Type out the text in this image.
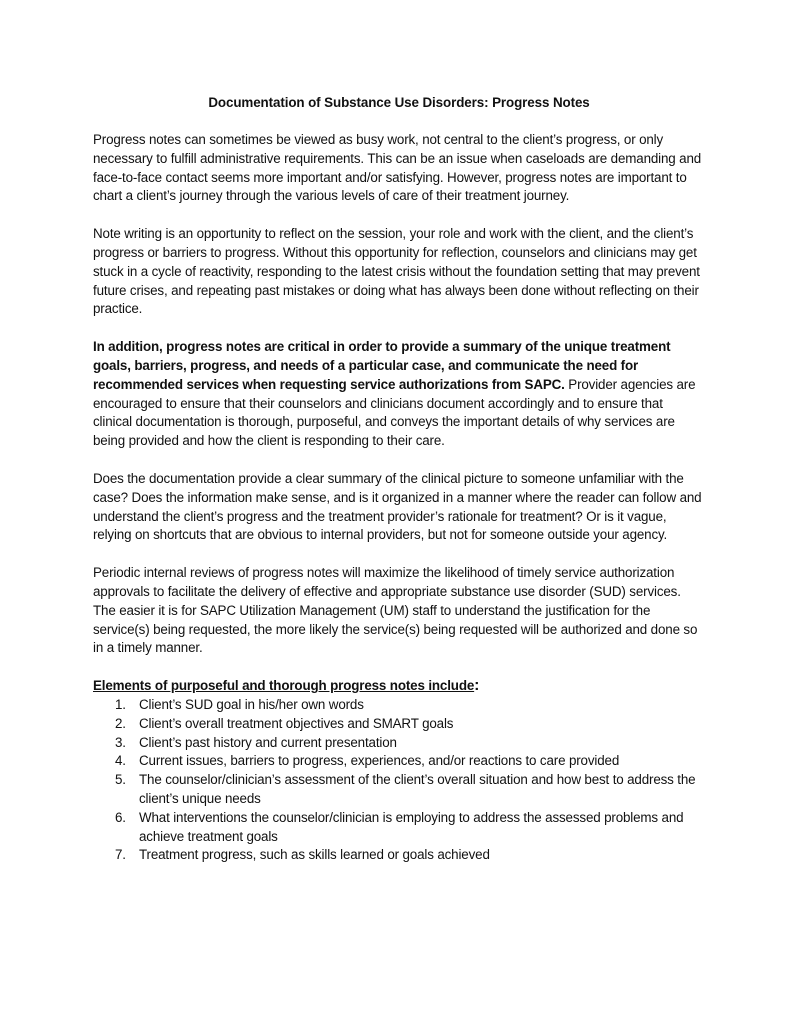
Documentation of Substance Use Disorders: Progress Notes

Progress notes can sometimes be viewed as busy work, not central to the client’s progress, or only necessary to fulfill administrative requirements. This can be an issue when caseloads are demanding and face-to-face contact seems more important and/or satisfying. However, progress notes are important to chart a client’s journey through the various levels of care of their treatment journey.

Note writing is an opportunity to reflect on the session, your role and work with the client, and the client’s progress or barriers to progress. Without this opportunity for reflection, counselors and clinicians may get stuck in a cycle of reactivity, responding to the latest crisis without the foundation setting that may prevent future crises, and repeating past mistakes or doing what has always been done without reflecting on their practice.

In addition, progress notes are critical in order to provide a summary of the unique treatment goals, barriers, progress, and needs of a particular case, and communicate the need for recommended services when requesting service authorizations from SAPC. Provider agencies are encouraged to ensure that their counselors and clinicians document accordingly and to ensure that clinical documentation is thorough, purposeful, and conveys the important details of why services are being provided and how the client is responding to their care.

Does the documentation provide a clear summary of the clinical picture to someone unfamiliar with the case? Does the information make sense, and is it organized in a manner where the reader can follow and understand the client’s progress and the treatment provider’s rationale for treatment? Or is it vague, relying on shortcuts that are obvious to internal providers, but not for someone outside your agency.

Periodic internal reviews of progress notes will maximize the likelihood of timely service authorization approvals to facilitate the delivery of effective and appropriate substance use disorder (SUD) services. The easier it is for SAPC Utilization Management (UM) staff to understand the justification for the service(s) being requested, the more likely the service(s) being requested will be authorized and done so in a timely manner.

Elements of purposeful and thorough progress notes include:
1. Client’s SUD goal in his/her own words
2. Client’s overall treatment objectives and SMART goals
3. Client’s past history and current presentation
4. Current issues, barriers to progress, experiences, and/or reactions to care provided
5. The counselor/clinician’s assessment of the client’s overall situation and how best to address the client’s unique needs
6. What interventions the counselor/clinician is employing to address the assessed problems and achieve treatment goals
7. Treatment progress, such as skills learned or goals achieved
